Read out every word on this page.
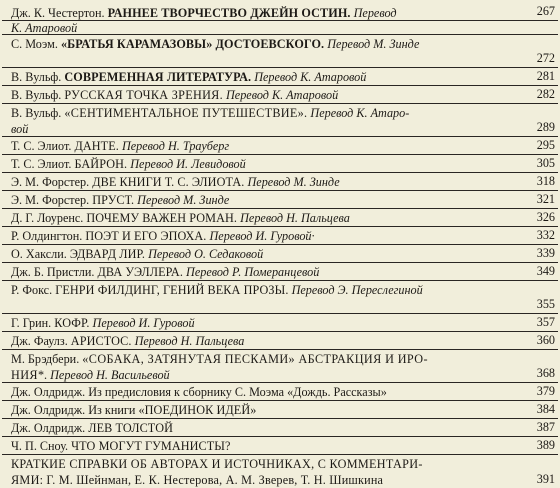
Дж. К. Честертон. РАННЕЕ ТВОРЧЕСТВО ДЖЕЙН ОСТИН. Перевод
К. Атаровой
267
С. Моэм. «БРАТЬЯ КАРАМАЗОВЫ» ДОСТОЕВСКОГО. Перевод М. Зинде
272
В. Вульф. СОВРЕМЕННАЯ ЛИТЕРАТУРА. Перевод К. Атаровой	281
В. Вульф. РУССКАЯ ТОЧКА ЗРЕНИЯ. Перевод К. Атаровой	282
В. Вульф. «СЕНТИМЕНТАЛЬНОЕ ПУТЕШЕСТВИЕ». Перевод К. Атаро-
вой	289
Т. С. Элиот. ДАНТЕ. Перевод Н. Трауберг	295
Т. С. Элиот. БАЙРОН. Перевод И. Левидовой	305
Э. М. Форстер. ДВЕ КНИГИ Т. С. ЭЛИОТА. Перевод М. Зинде	318
Э. М. Форстер. ПРУСТ. Перевод М. Зинде	321
Д. Г. Лоуренс. ПОЧЕМУ ВАЖЕН РОМАН. Перевод Н. Пальцева	326
Р. Олдингтон. ПОЭТ И ЕГО ЭПОХА. Перевод И. Гуровой·	332
О. Хаксли. ЭДВАРД ЛИР. Перевод О. Седаковой	339
Дж. Б. Пристли. ДВА УЭЛЛЕРА. Перевод Р. Померанцевой	349
Р. Фокс. ГЕНРИ ФИЛДИНГ, ГЕНИЙ ВЕКА ПРОЗЫ. Перевод Э. Переслегиной
355
Г. Грин. КОФР. Перевод И. Гуровой	357
Дж. Фаулз. АРИСТОС. Перевод Н. Пальцева	360
М. Брэдбери. «СОБАКА, ЗАТЯНУТАЯ ПЕСКАМИ» АБСТРАКЦИЯ И ИРО-
НИЯ*. Перевод Н. Васильевой	368
Дж. Олдридж. Из предисловия к сборнику С. Моэма «Дождь. Рассказы»	379
Дж. Олдридж. Из книги «ПОЕДИНОК ИДЕЙ»	384
Дж. Олдридж. ЛЕВ ТОЛСТОЙ	387
Ч. П. Сноу. ЧТО МОГУТ ГУМАНИСТЫ?	389
КРАТКИЕ СПРАВКИ ОБ АВТОРАХ И ИСТОЧНИКАХ, С КОММЕНТАРИ-
ЯМИ: Г. М. Шейнман, Е. К. Нестерова, А. М. Зверев, Т. Н. Шишкина	391
